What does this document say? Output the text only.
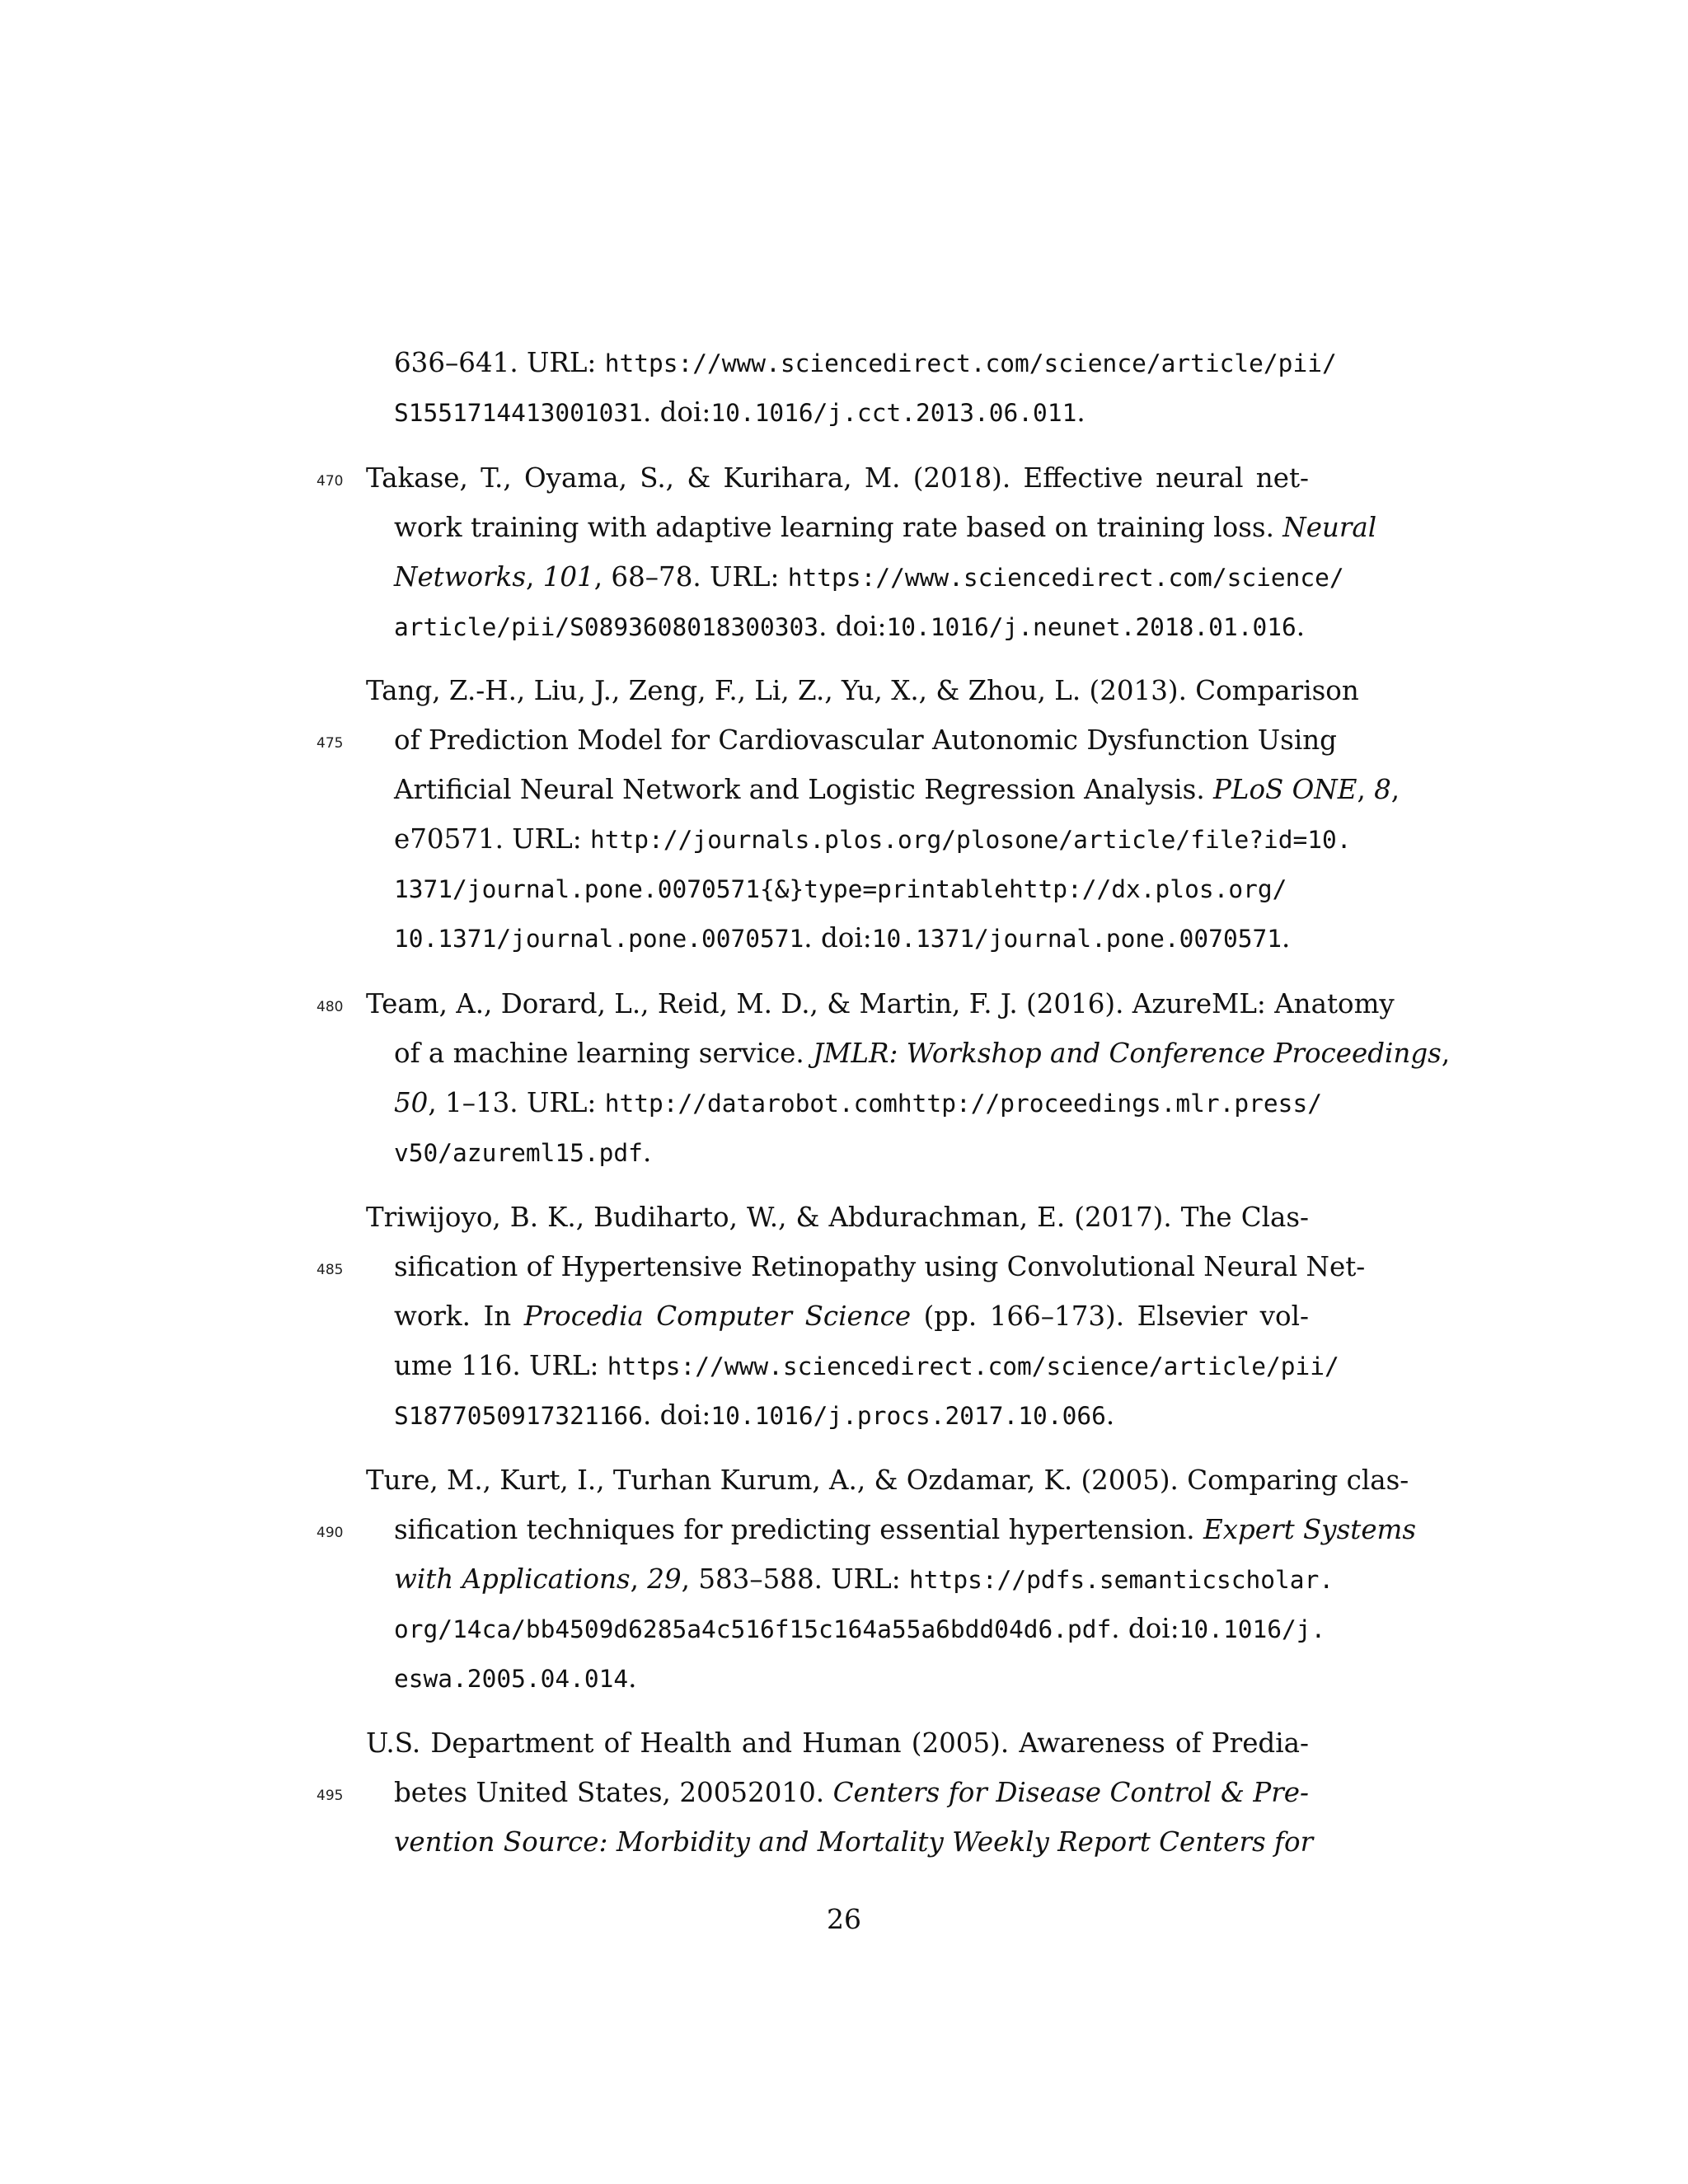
636–641. URL: https://www.sciencedirect.com/science/article/pii/
S1551714413001031. doi:10.1016/j.cct.2013.06.011.
Takase, T., Oyama, S., & Kurihara, M. (2018). Effective neural net-
470
work training with adaptive learning rate based on training loss. Neural
Networks, 101, 68–78. URL: https://www.sciencedirect.com/science/
article/pii/S0893608018300303. doi:10.1016/j.neunet.2018.01.016.
Tang, Z.-H., Liu, J., Zeng, F., Li, Z., Yu, X., & Zhou, L. (2013). Comparison
of Prediction Model for Cardiovascular Autonomic Dysfunction Using
475
Artificial Neural Network and Logistic Regression Analysis. PLoS ONE, 8,
e70571. URL: http://journals.plos.org/plosone/article/file?id=10.
1371/journal.pone.0070571{&}type=printablehttp://dx.plos.org/
10.1371/journal.pone.0070571. doi:10.1371/journal.pone.0070571.
Team, A., Dorard, L., Reid, M. D., & Martin, F. J. (2016). AzureML: Anatomy
480
of a machine learning service. JMLR: Workshop and Conference Proceedings,
50, 1–13. URL: http://datarobot.comhttp://proceedings.mlr.press/
v50/azureml15.pdf.
Triwijoyo, B. K., Budiharto, W., & Abdurachman, E. (2017). The Clas-
sification of Hypertensive Retinopathy using Convolutional Neural Net-
485
work. In Procedia Computer Science (pp. 166–173). Elsevier vol-
ume 116. URL: https://www.sciencedirect.com/science/article/pii/
S1877050917321166. doi:10.1016/j.procs.2017.10.066.
Ture, M., Kurt, I., Turhan Kurum, A., & Ozdamar, K. (2005). Comparing clas-
sification techniques for predicting essential hypertension. Expert Systems
490
with Applications, 29, 583–588. URL: https://pdfs.semanticscholar.
org/14ca/bb4509d6285a4c516f15c164a55a6bdd04d6.pdf. doi:10.1016/j.
eswa.2005.04.014.
U.S. Department of Health and Human (2005). Awareness of Predia-
betes United States, 20052010. Centers for Disease Control & Pre-
495
vention Source: Morbidity and Mortality Weekly Report Centers for
26
